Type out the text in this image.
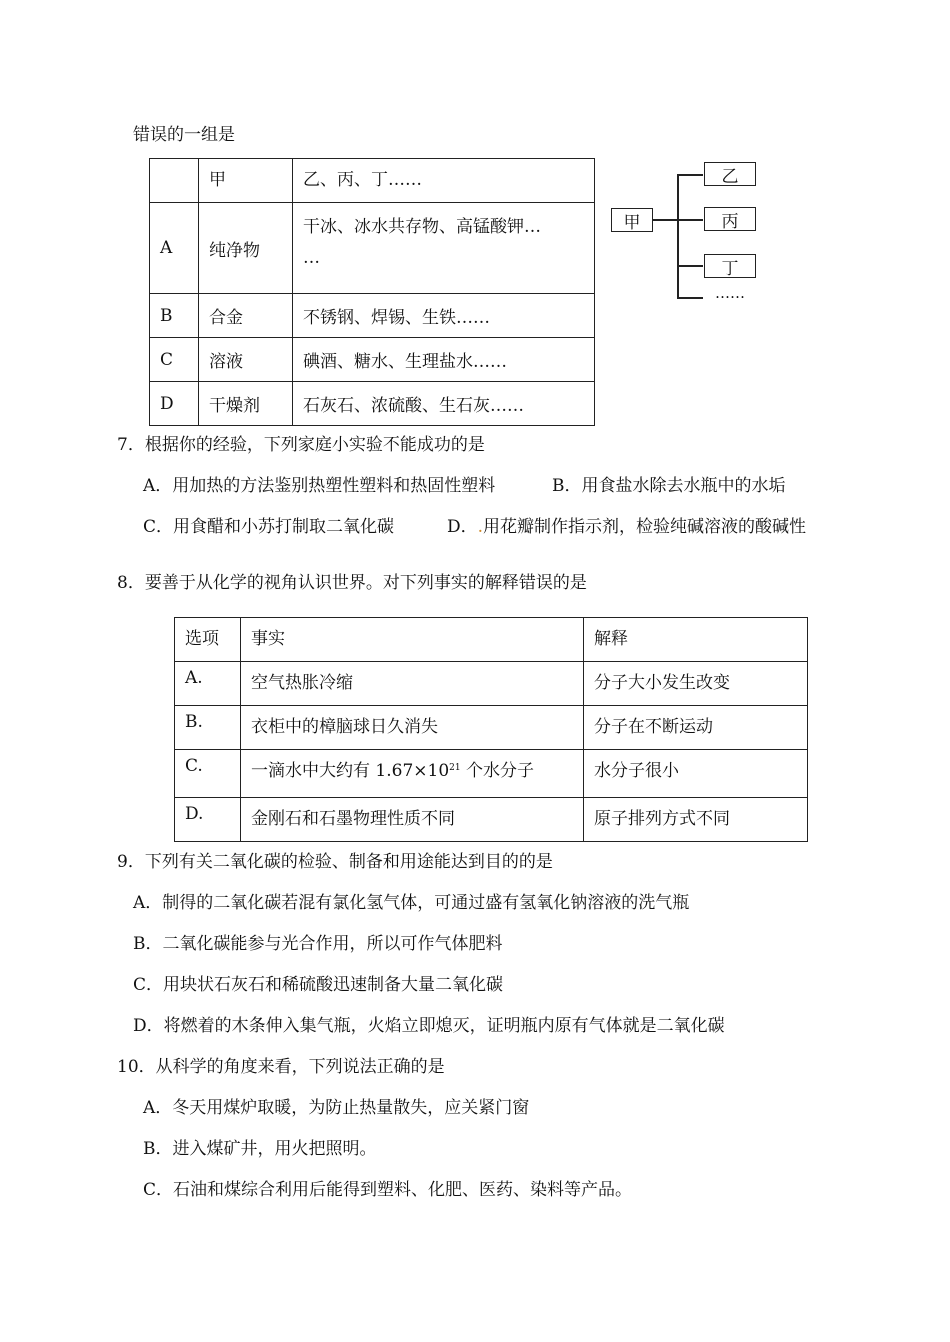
错误的一组是
	甲	乙、丙、丁……
A	纯净物	干冰、冰水共存物、高锰酸钾…
…

B	合金	不锈钢、焊锡、生铁……
C	溶液	碘酒、糖水、生理盐水……
D	干燥剂	石灰石、浓硫酸、生石灰……
甲
乙
丙
丁
……
7．根据你的经验，下列家庭小实验不能成功的是
A．用加热的方法鉴别热塑性塑料和热固性塑料	B．用食盐水除去水瓶中的水垢
C．用食醋和小苏打制取二氧化碳	D．.用花瓣制作指示剂，检验纯碱溶液的酸碱性
8．要善于从化学的视角认识世界。对下列事实的解释错误的是
选项	事实	解释
A.	空气热胀冷缩	分子大小发生改变
B.	衣柜中的樟脑球日久消失	分子在不断运动
C.	一滴水中大约有 $1.67\times 10^{21}$ 个水分子	水分子很小
D.	金刚石和石墨物理性质不同	原子排列方式不同
9．下列有关二氧化碳的检验、制备和用途能达到目的的是
A．制得的二氧化碳若混有氯化氢气体，可通过盛有氢氧化钠溶液的洗气瓶
B．二氧化碳能参与光合作用，所以可作气体肥料
C．用块状石灰石和稀硫酸迅速制备大量二氧化碳
D．将燃着的木条伸入集气瓶，火焰立即熄灭，证明瓶内原有气体就是二氧化碳
10．从科学的角度来看，下列说法正确的是
A．冬天用煤炉取暖，为防止热量散失，应关紧门窗
B．进入煤矿井，用火把照明。
C．石油和煤综合利用后能得到塑料、化肥、医药、染料等产品。
